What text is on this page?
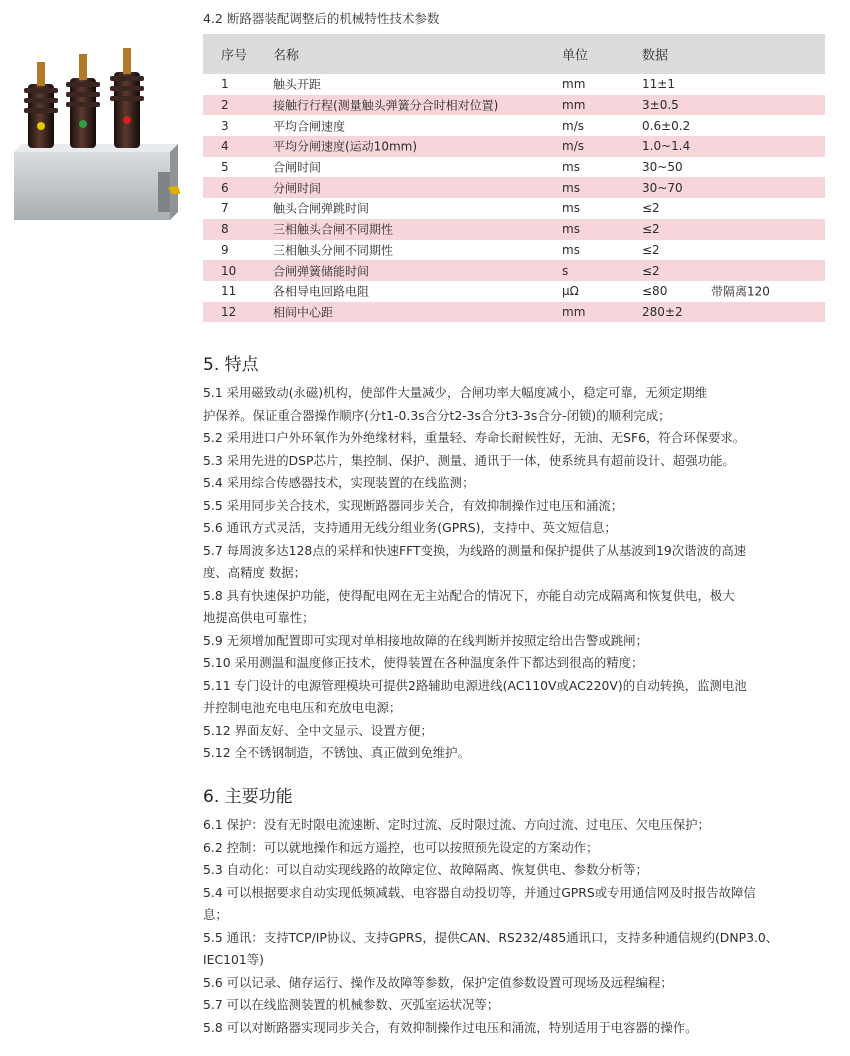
4.2 断路器装配调整后的机械特性技术参数
序号 名称	单位	数据
1	触头开距	mm	11±1
2	接触行行程(测量触头弹簧分合时相对位置)	mm	3±0.5
3	平均合闸速度	m/s	0.6±0.2
4	平均分闸速度(运动10mm)	m/s	1.0~1.4
5	合闸时间	ms	30~50
6	分闸时间	ms	30~70
7	触头合闸弹跳时间	ms	≤2
8	三相触头合闸不同期性	ms	≤2
9	三相触头分闸不同期性	ms	≤2
10	合闸弹簧储能时间	s	≤2
11	各相导电回路电阻	μΩ	≤80	带隔离120
12	相间中心距	mm	280±2
5. 特点

5.1 采用磁致动(永磁)机构，使部件大量减少，合闸功率大幅度减小，稳定可靠，无须定期维
护保养。保证重合器操作顺序(分t1-0.3s合分t2-3s合分t3-3s合分-闭锁)的顺利完成；

5.2 采用进口户外环氧作为外绝缘材料，重量轻、寿命长耐候性好，无油、无SF6，符合环保要求。

5.3 采用先进的DSP芯片，集控制、保护、测量、通讯于一体，使系统具有超前设计、超强功能。

5.4 采用综合传感器技术，实现装置的在线监测；

5.5 采用同步关合技术，实现断路器同步关合，有效抑制操作过电压和涌流；

5.6 通讯方式灵活，支持通用无线分组业务(GPRS)，支持中、英文短信息；

5.7 每周波多达128点的采样和快速FFT变换，为线路的测量和保护提供了从基波到19次谐波的高速
度、高精度 数据；

5.8 具有快速保护功能，使得配电网在无主站配合的情况下，亦能自动完成隔离和恢复供电，极大
地提高供电可靠性；

5.9 无须增加配置即可实现对单相接地故障的在线判断并按照定给出告警或跳闸；

5.10 采用测温和温度修正技术，使得装置在各种温度条件下都达到很高的精度；

5.11 专门设计的电源管理模块可提供2路辅助电源进线(AC110V或AC220V)的自动转换，监测电池
并控制电池充电电压和充放电电源；

5.12 界面友好、全中文显示、设置方便；

5.12 全不锈钢制造，不锈蚀、真正做到免维护。

6. 主要功能

6.1 保护：没有无时限电流速断、定时过流、反时限过流、方向过流、过电压、欠电压保护；

6.2 控制：可以就地操作和远方遥控，也可以按照预先设定的方案动作；

5.3 自动化：可以自动实现线路的故障定位、故障隔离、恢复供电、参数分析等；

5.4 可以根据要求自动实现低频减载、电容器自动投切等，并通过GPRS或专用通信网及时报告故障信
息；

5.5 通讯：支持TCP/IP协议、支持GPRS，提供CAN、RS232/485通讯口，支持多种通信规约(DNP3.0、
IEC101等)

5.6 可以记录、储存运行、操作及故障等参数，保护定值参数设置可现场及远程编程；

5.7 可以在线监测装置的机械参数、灭弧室运状况等；

5.8 可以对断路器实现同步关合，有效抑制操作过电压和涌流，特别适用于电容器的操作。
